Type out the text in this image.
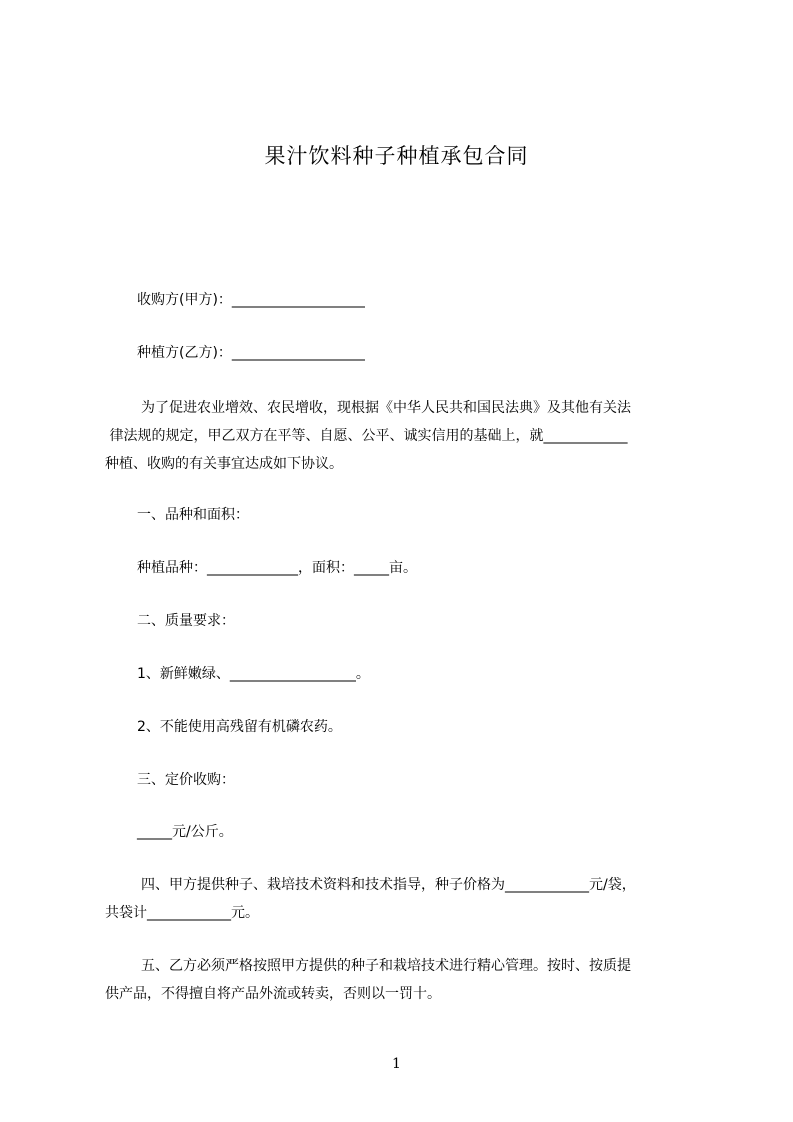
果汁饮料种子种植承包合同

收购方(甲方)：___________________

种植方(乙方)：___________________

为了促进农业增效、农民增收，现根据《中华人民共和国民法典》及其他有关法

律法规的规定，甲乙双方在平等、自愿、公平、诚实信用的基础上，就____________

种植、收购的有关事宜达成如下协议。

一、品种和面积：

种植品种：_____________，面积：_____亩。

二、质量要求：

1、新鲜嫩绿、__________________。

2、不能使用高残留有机磷农药。

三、定价收购：

_____元/公斤。

四、甲方提供种子、栽培技术资料和技术指导，种子价格为____________元/袋，

共袋计____________元。

五、乙方必须严格按照甲方提供的种子和栽培技术进行精心管理。按时、按质提

供产品，不得擅自将产品外流或转卖，否则以一罚十。

1
